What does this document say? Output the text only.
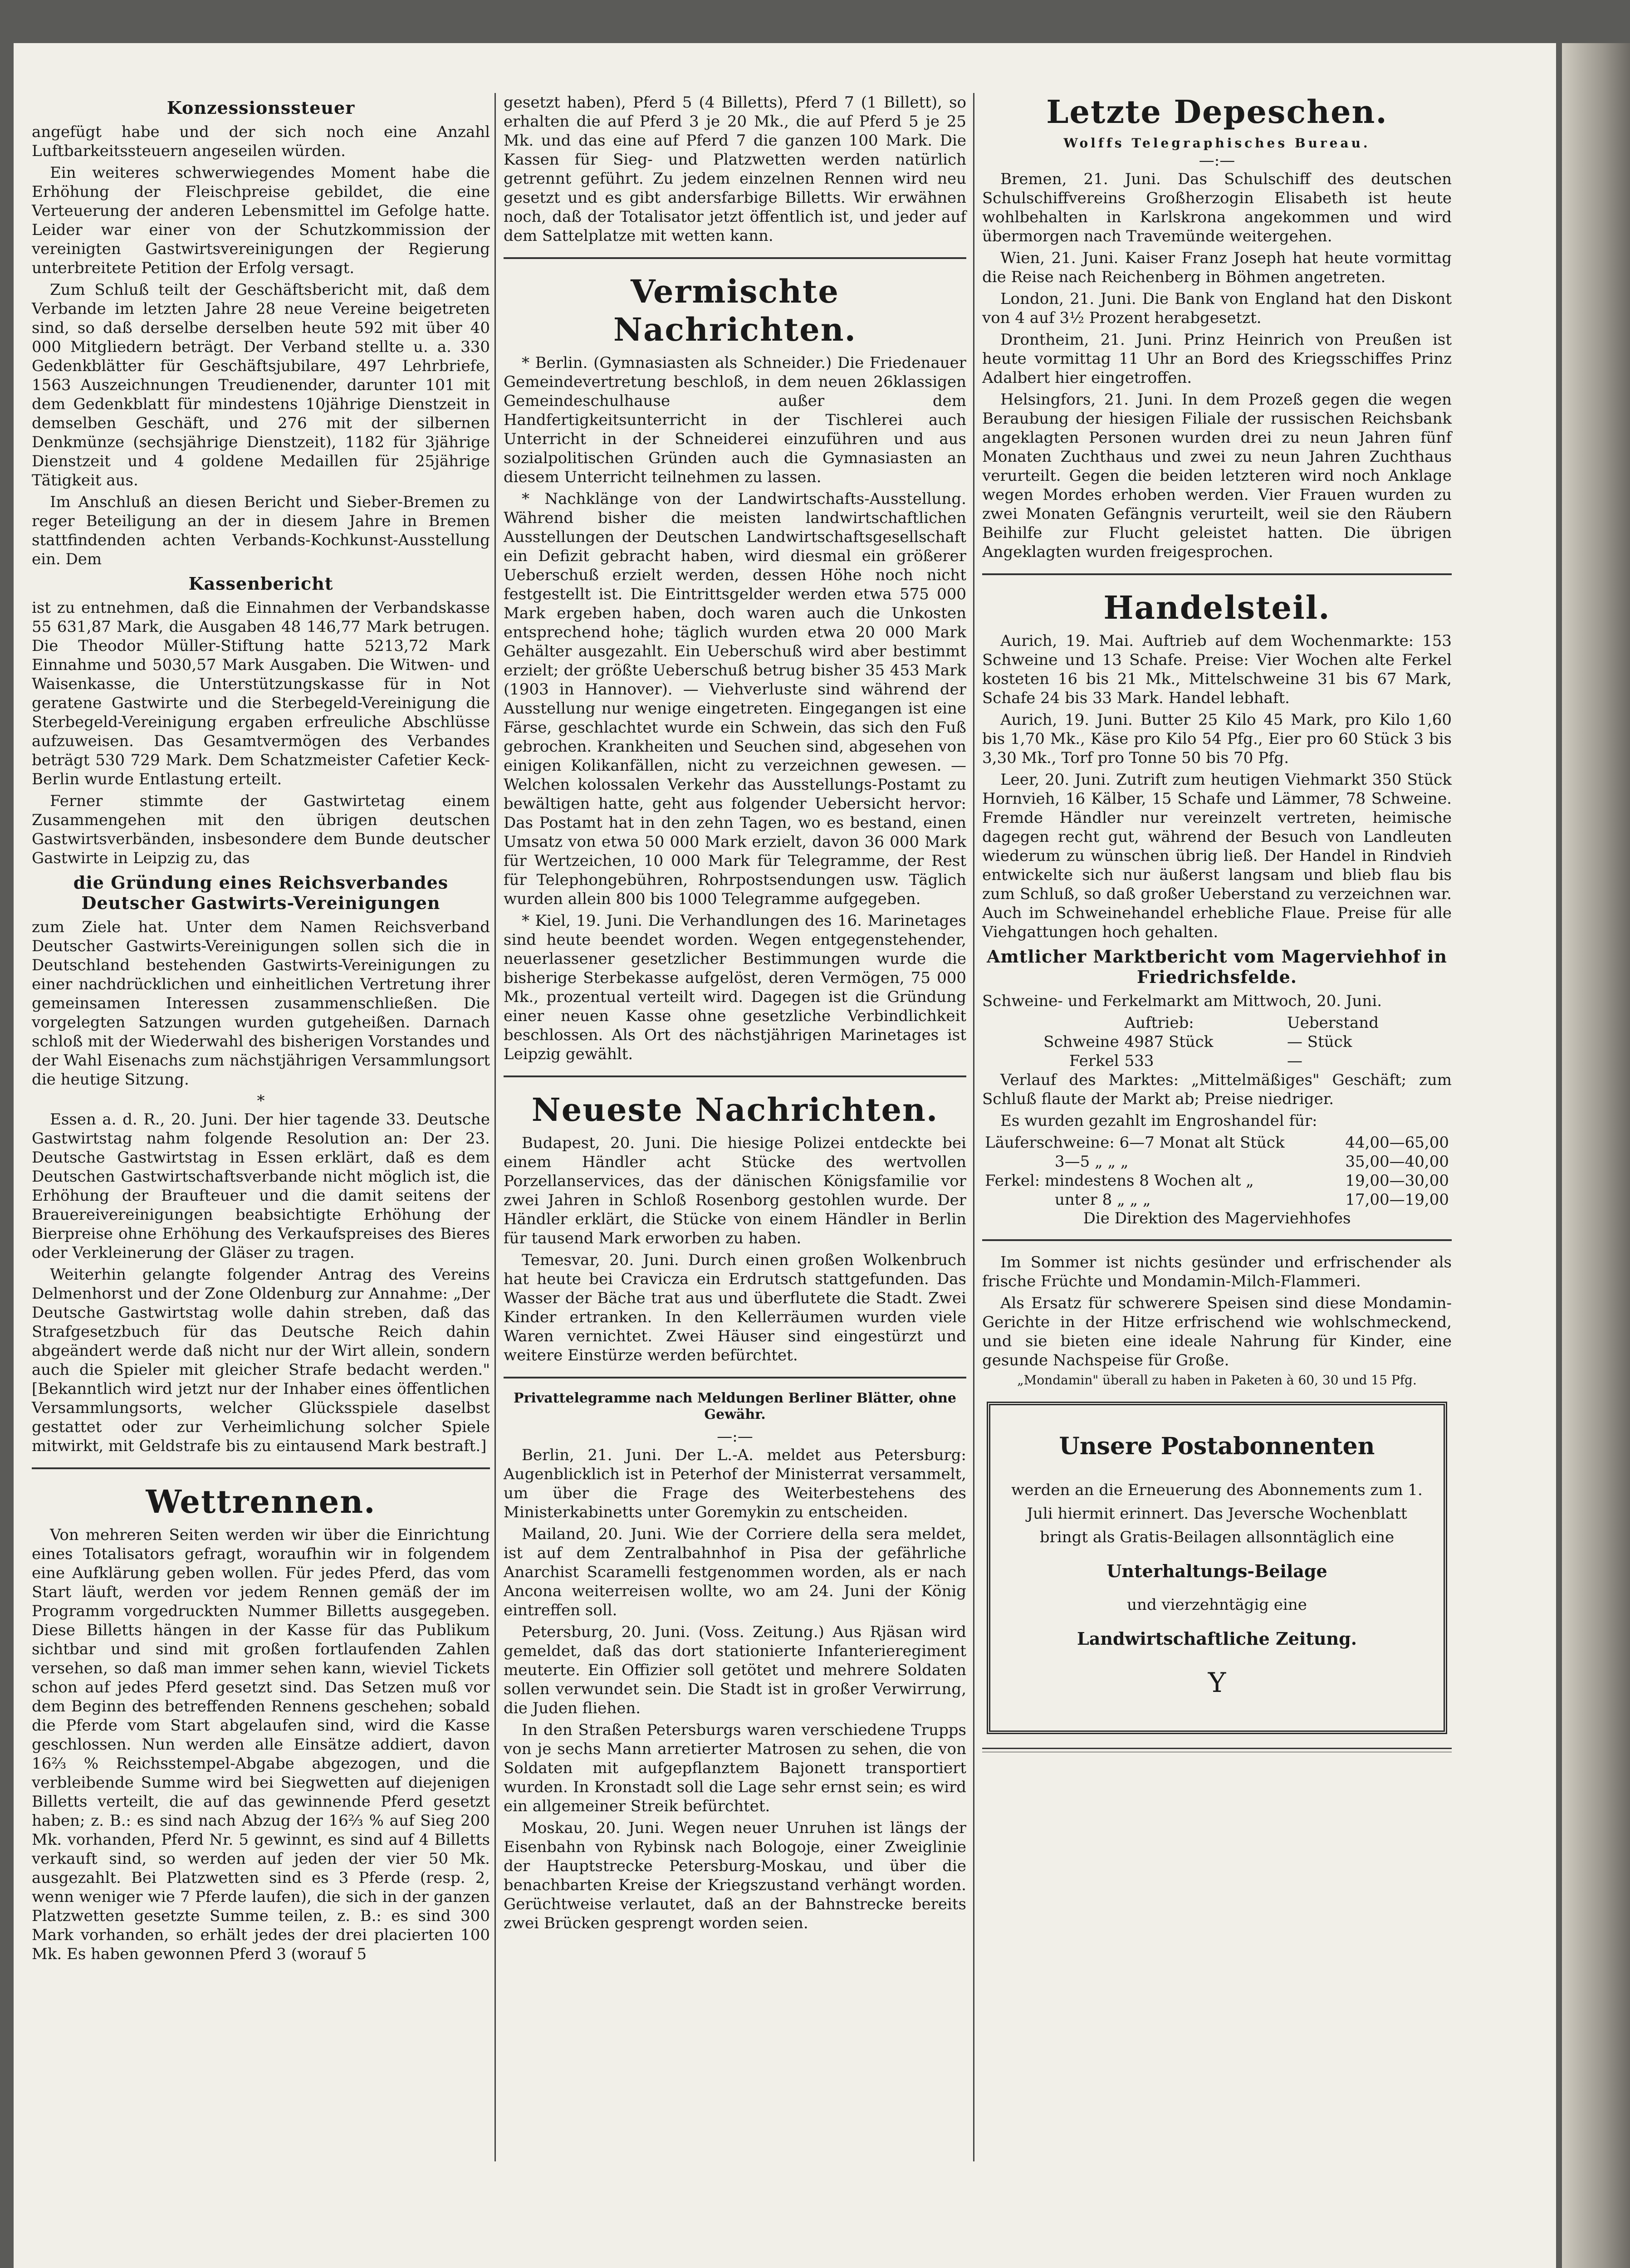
Konzessionssteuer

angefügt habe und der sich noch eine Anzahl Luftbarkeitssteuern angeseilen würden.

Ein weiteres schwerwiegendes Moment habe die Erhöhung der Fleischpreise gebildet, die eine Verteuerung der anderen Lebensmittel im Gefolge hatte. Leider war einer von der Schutzkommission der vereinigten Gastwirtsvereinigungen der Regierung unterbreitete Petition der Erfolg versagt.

Zum Schluß teilt der Geschäftsbericht mit, daß dem Verbande im letzten Jahre 28 neue Vereine beigetreten sind, so daß derselbe derselben heute 592 mit über 40 000 Mitgliedern beträgt. Der Verband stellte u. a. 330 Gedenkblätter für Geschäftsjubilare, 497 Lehrbriefe, 1563 Auszeichnungen Treudienender, darunter 101 mit dem Gedenkblatt für mindestens 10jährige Dienstzeit in demselben Geschäft, und 276 mit der silbernen Denkmünze (sechsjährige Dienstzeit), 1182 für 3jährige Dienstzeit und 4 goldene Medaillen für 25jährige Tätigkeit aus.

Im Anschluß an diesen Bericht und Sieber-Bremen zu reger Beteiligung an der in diesem Jahre in Bremen stattfindenden achten Verbands-Kochkunst-Ausstellung ein. Dem

Kassenbericht

ist zu entnehmen, daß die Einnahmen der Verbandskasse 55 631,87 Mark, die Ausgaben 48 146,77 Mark betrugen. Die Theodor Müller-Stiftung hatte 5213,72 Mark Einnahme und 5030,57 Mark Ausgaben. Die Witwen- und Waisenkasse, die Unterstützungskasse für in Not geratene Gastwirte und die Sterbegeld-Vereinigung die Sterbegeld-Vereinigung ergaben erfreuliche Abschlüsse aufzuweisen. Das Gesamtvermögen des Verbandes beträgt 530 729 Mark. Dem Schatzmeister Cafetier Keck-Berlin wurde Entlastung erteilt.

Ferner stimmte der Gastwirtetag einem Zusammengehen mit den übrigen deutschen Gastwirtsverbänden, insbesondere dem Bunde deutscher Gastwirte in Leipzig zu, das

die Gründung eines Reichsverbandes Deutscher Gastwirts-Vereinigungen

zum Ziele hat. Unter dem Namen Reichsverband Deutscher Gastwirts-Vereinigungen sollen sich die in Deutschland bestehenden Gastwirts-Vereinigungen zu einer nachdrücklichen und einheitlichen Vertretung ihrer gemeinsamen Interessen zusammenschließen. Die vorgelegten Satzungen wurden gutgeheißen. Darnach schloß mit der Wiederwahl des bisherigen Vorstandes und der Wahl Eisenachs zum nächstjährigen Versammlungsort die heutige Sitzung.

*

Essen a. d. R., 20. Juni. Der hier tagende 33. Deutsche Gastwirtstag nahm folgende Resolution an: Der 23. Deutsche Gastwirtstag in Essen erklärt, daß es dem Deutschen Gastwirtschaftsverbande nicht möglich ist, die Erhöhung der Braufteuer und die damit seitens der Brauereivereinigungen beabsichtigte Erhöhung der Bierpreise ohne Erhöhung des Verkaufspreises des Bieres oder Verkleinerung der Gläser zu tragen.

Weiterhin gelangte folgender Antrag des Vereins Delmenhorst und der Zone Oldenburg zur Annahme: „Der Deutsche Gastwirtstag wolle dahin streben, daß das Strafgesetzbuch für das Deutsche Reich dahin abgeändert werde daß nicht nur der Wirt allein, sondern auch die Spieler mit gleicher Strafe bedacht werden." [Bekanntlich wird jetzt nur der Inhaber eines öffentlichen Versammlungsorts, welcher Glücksspiele daselbst gestattet oder zur Verheimlichung solcher Spiele mitwirkt, mit Geldstrafe bis zu eintausend Mark bestraft.]

Wettrennen.

Von mehreren Seiten werden wir über die Einrichtung eines Totalisators gefragt, woraufhin wir in folgendem eine Aufklärung geben wollen. Für jedes Pferd, das vom Start läuft, werden vor jedem Rennen gemäß der im Programm vorgedruckten Nummer Billetts ausgegeben. Diese Billetts hängen in der Kasse für das Publikum sichtbar und sind mit großen fortlaufenden Zahlen versehen, so daß man immer sehen kann, wieviel Tickets schon auf jedes Pferd gesetzt sind. Das Setzen muß vor dem Beginn des betreffenden Rennens geschehen; sobald die Pferde vom Start abgelaufen sind, wird die Kasse geschlossen. Nun werden alle Einsätze addiert, davon 16⅔ % Reichsstempel-Abgabe abgezogen, und die verbleibende Summe wird bei Siegwetten auf diejenigen Billetts verteilt, die auf das gewinnende Pferd gesetzt haben; z. B.: es sind nach Abzug der 16⅔ % auf Sieg 200 Mk. vorhanden, Pferd Nr. 5 gewinnt, es sind auf 4 Billetts verkauft sind, so werden auf jeden der vier 50 Mk. ausgezahlt. Bei Platzwetten sind es 3 Pferde (resp. 2, wenn weniger wie 7 Pferde laufen), die sich in der ganzen Platzwetten gesetzte Summe teilen, z. B.: es sind 300 Mark vorhanden, so erhält jedes der drei placierten 100 Mk. Es haben gewonnen Pferd 3 (worauf 5

gesetzt haben), Pferd 5 (4 Billetts), Pferd 7 (1 Billett), so erhalten die auf Pferd 3 je 20 Mk., die auf Pferd 5 je 25 Mk. und das eine auf Pferd 7 die ganzen 100 Mark. Die Kassen für Sieg- und Platzwetten werden natürlich getrennt geführt. Zu jedem einzelnen Rennen wird neu gesetzt und es gibt andersfarbige Billetts. Wir erwähnen noch, daß der Totalisator jetzt öffentlich ist, und jeder auf dem Sattelplatze mit wetten kann.

Vermischte Nachrichten.

* Berlin. (Gymnasiasten als Schneider.) Die Friedenauer Gemeindevertretung beschloß, in dem neuen 26klassigen Gemeindeschulhause außer dem Handfertigkeitsunterricht in der Tischlerei auch Unterricht in der Schneiderei einzuführen und aus sozialpolitischen Gründen auch die Gymnasiasten an diesem Unterricht teilnehmen zu lassen.

* Nachklänge von der Landwirtschafts-Ausstellung. Während bisher die meisten landwirtschaftlichen Ausstellungen der Deutschen Landwirtschaftsgesellschaft ein Defizit gebracht haben, wird diesmal ein größerer Ueberschuß erzielt werden, dessen Höhe noch nicht festgestellt ist. Die Eintrittsgelder werden etwa 575 000 Mark ergeben haben, doch waren auch die Unkosten entsprechend hohe; täglich wurden etwa 20 000 Mark Gehälter ausgezahlt. Ein Ueberschuß wird aber bestimmt erzielt; der größte Ueberschuß betrug bisher 35 453 Mark (1903 in Hannover). — Viehverluste sind während der Ausstellung nur wenige eingetreten. Eingegangen ist eine Färse, geschlachtet wurde ein Schwein, das sich den Fuß gebrochen. Krankheiten und Seuchen sind, abgesehen von einigen Kolikanfällen, nicht zu verzeichnen gewesen. — Welchen kolossalen Verkehr das Ausstellungs-Postamt zu bewältigen hatte, geht aus folgender Uebersicht hervor: Das Postamt hat in den zehn Tagen, wo es bestand, einen Umsatz von etwa 50 000 Mark erzielt, davon 36 000 Mark für Wertzeichen, 10 000 Mark für Telegramme, der Rest für Telephongebühren, Rohrpostsendungen usw. Täglich wurden allein 800 bis 1000 Telegramme aufgegeben.

* Kiel, 19. Juni. Die Verhandlungen des 16. Marinetages sind heute beendet worden. Wegen entgegenstehender, neuerlassener gesetzlicher Bestimmungen wurde die bisherige Sterbekasse aufgelöst, deren Vermögen, 75 000 Mk., prozentual verteilt wird. Dagegen ist die Gründung einer neuen Kasse ohne gesetzliche Verbindlichkeit beschlossen. Als Ort des nächstjährigen Marinetages ist Leipzig gewählt.

Neueste Nachrichten.

Budapest, 20. Juni. Die hiesige Polizei entdeckte bei einem Händler acht Stücke des wertvollen Porzellanservices, das der dänischen Königsfamilie vor zwei Jahren in Schloß Rosenborg gestohlen wurde. Der Händler erklärt, die Stücke von einem Händler in Berlin für tausend Mark erworben zu haben.

Temesvar, 20. Juni. Durch einen großen Wolkenbruch hat heute bei Cravicza ein Erdrutsch stattgefunden. Das Wasser der Bäche trat aus und überflutete die Stadt. Zwei Kinder ertranken. In den Kellerräumen wurden viele Waren vernichtet. Zwei Häuser sind eingestürzt und weitere Einstürze werden befürchtet.

Privattelegramme nach Meldungen Berliner Blätter, ohne Gewähr.
—:—

Berlin, 21. Juni. Der L.-A. meldet aus Petersburg: Augenblicklich ist in Peterhof der Ministerrat versammelt, um über die Frage des Weiterbestehens des Ministerkabinetts unter Goremykin zu entscheiden.

Mailand, 20. Juni. Wie der Corriere della sera meldet, ist auf dem Zentralbahnhof in Pisa der gefährliche Anarchist Scaramelli festgenommen worden, als er nach Ancona weiterreisen wollte, wo am 24. Juni der König eintreffen soll.

Petersburg, 20. Juni. (Voss. Zeitung.) Aus Rjäsan wird gemeldet, daß das dort stationierte Infanterieregiment meuterte. Ein Offizier soll getötet und mehrere Soldaten sollen verwundet sein. Die Stadt ist in großer Verwirrung, die Juden fliehen.

In den Straßen Petersburgs waren verschiedene Trupps von je sechs Mann arretierter Matrosen zu sehen, die von Soldaten mit aufgepflanztem Bajonett transportiert wurden. In Kronstadt soll die Lage sehr ernst sein; es wird ein allgemeiner Streik befürchtet.

Moskau, 20. Juni. Wegen neuer Unruhen ist längs der Eisenbahn von Rybinsk nach Bologoje, einer Zweiglinie der Hauptstrecke Petersburg-Moskau, und über die benachbarten Kreise der Kriegszustand verhängt worden. Gerüchtweise verlautet, daß an der Bahnstrecke bereits zwei Brücken gesprengt worden seien.

Letzte Depeschen.
Wolffs Telegraphisches Bureau.
—:—

Bremen, 21. Juni. Das Schulschiff des deutschen Schulschiffvereins Großherzogin Elisabeth ist heute wohlbehalten in Karlskrona angekommen und wird übermorgen nach Travemünde weitergehen.

Wien, 21. Juni. Kaiser Franz Joseph hat heute vormittag die Reise nach Reichenberg in Böhmen angetreten.

London, 21. Juni. Die Bank von England hat den Diskont von 4 auf 3½ Prozent herabgesetzt.

Drontheim, 21. Juni. Prinz Heinrich von Preußen ist heute vormittag 11 Uhr an Bord des Kriegsschiffes Prinz Adalbert hier eingetroffen.

Helsingfors, 21. Juni. In dem Prozeß gegen die wegen Beraubung der hiesigen Filiale der russischen Reichsbank angeklagten Personen wurden drei zu neun Jahren fünf Monaten Zuchthaus und zwei zu neun Jahren Zuchthaus verurteilt. Gegen die beiden letzteren wird noch Anklage wegen Mordes erhoben werden. Vier Frauen wurden zu zwei Monaten Gefängnis verurteilt, weil sie den Räubern Beihilfe zur Flucht geleistet hatten. Die übrigen Angeklagten wurden freigesprochen.

Handelsteil.

Aurich, 19. Mai. Auftrieb auf dem Wochenmarkte: 153 Schweine und 13 Schafe. Preise: Vier Wochen alte Ferkel kosteten 16 bis 21 Mk., Mittelschweine 31 bis 67 Mark, Schafe 24 bis 33 Mark. Handel lebhaft.

Aurich, 19. Juni. Butter 25 Kilo 45 Mark, pro Kilo 1,60 bis 1,70 Mk., Käse pro Kilo 54 Pfg., Eier pro 60 Stück 3 bis 3,30 Mk., Torf pro Tonne 50 bis 70 Pfg.

Leer, 20. Juni. Zutrift zum heutigen Viehmarkt 350 Stück Hornvieh, 16 Kälber, 15 Schafe und Lämmer, 78 Schweine. Fremde Händler nur vereinzelt vertreten, heimische dagegen recht gut, während der Besuch von Landleuten wiederum zu wünschen übrig ließ. Der Handel in Rindvieh entwickelte sich nur äußerst langsam und blieb flau bis zum Schluß, so daß großer Ueberstand zu verzeichnen war. Auch im Schweinehandel erhebliche Flaue. Preise für alle Viehgattungen hoch gehalten.

Amtlicher Marktbericht vom Magerviehhof in Friedrichsfelde.

Schweine- und Ferkelmarkt am Mittwoch, 20. Juni.

	Auftrieb:	Ueberstand
Schweine	4987 Stück	— Stück
Ferkel	533	—

Verlauf des Marktes: „Mittelmäßiges" Geschäft; zum Schluß flaute der Markt ab; Preise niedriger.

Es wurden gezahlt im Engroshandel für:

Läuferschweine: 6—7 Monat alt Stück	44,00—65,00
3—5 „ „ „	35,00—40,00
Ferkel: mindestens 8 Wochen alt „	19,00—30,00
unter 8 „ „ „	17,00—19,00
Die Direktion des Magerviehhofes

Im Sommer ist nichts gesünder und erfrischender als frische Früchte und Mondamin-Milch-Flammeri.

Als Ersatz für schwerere Speisen sind diese Mondamin-Gerichte in der Hitze erfrischend wie wohlschmeckend, und sie bieten eine ideale Nahrung für Kinder, eine gesunde Nachspeise für Große.

„Mondamin" überall zu haben in Paketen à 60, 30 und 15 Pfg.
Unsere Postabonnenten
werden an die Erneuerung des Abonnements zum 1. Juli hiermit erinnert. Das Jeversche Wochenblatt bringt als Gratis-Beilagen allsonntäglich eine
Unterhaltungs-Beilage
und vierzehntägig eine
Landwirtschaftliche Zeitung.
Y
